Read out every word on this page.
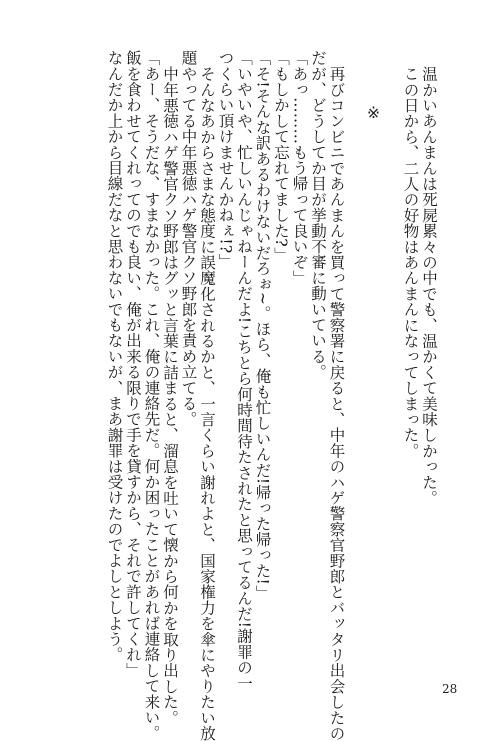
温かいあんまんは死屍累々の中でも、温かくて美味しかった。
この日から、二人の好物はあんまんになってしまった。
※
再びコンビニであんまんを買って警察署に戻ると、中年のハゲ警察官野郎とバッタリ出会したの
だが、どうしてか目が挙動不審に動いている。
「あっ………もう帰って良いぞ」
「もしかして忘れてました?」
「そ!そんな訳あるわけないだろぉ~。ほら、俺も忙しいんだ!帰った帰った!」
「いやいや、忙しいんじゃねーんだよ!こちとら何時間待たされたと思ってるんだ!謝罪の一
つくらい頂けませんかねぇ!?」
そんなあからさまな態度に誤魔化されるかと、一言くらい謝れよと、国家権力を傘にやりたい放
題やってる中年悪徳ハゲ警官クソ野郎を責め立てる。
中年悪徳ハゲ警官クソ野郎はグッと言葉に詰まると、溜息を吐いて懐から何かを取り出した。
「あー、そうだな、すまなかった。これ、俺の連絡先だ。何か困ったことがあれば連絡して来い。
飯を食わせてくれってのでも良い、俺が出来る限りで手を貸すから、それで許してくれ」
なんだか上から目線だなと思わないでもないが、まあ謝罪は受けたのでよしとしよう。
28
